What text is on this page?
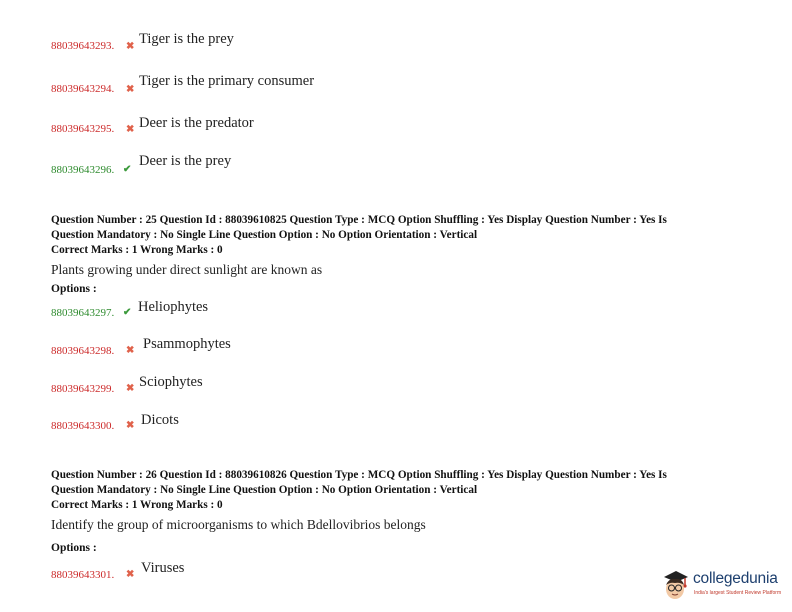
88039643293. ✖ Tiger is the prey
88039643294. ✖
Tiger is the primary consumer
88039643295. ✖ Deer is the predator
88039643296. ✔
Deer is the prey
Question Number : 25 Question Id : 88039610825 Question Type : MCQ Option Shuffling : Yes Display Question Number : Yes Is
Question Mandatory : No Single Line Question Option : No Option Orientation : Vertical
Correct Marks : 1 Wrong Marks : 0
Plants growing under direct sunlight are known as
Options :
88039643297. ✔ Heliophytes
88039643298. ✖ Psammophytes
88039643299. ✖ Sciophytes
88039643300. ✖ Dicots
Question Number : 26 Question Id : 88039610826 Question Type : MCQ Option Shuffling : Yes Display Question Number : Yes Is
Question Mandatory : No Single Line Question Option : No Option Orientation : Vertical
Correct Marks : 1 Wrong Marks : 0
Identify the group of microorganisms to which Bdellovibrios belongs
Options :
88039643301. ✖ Viruses
collegedunia
India's largest Student Review Platform
